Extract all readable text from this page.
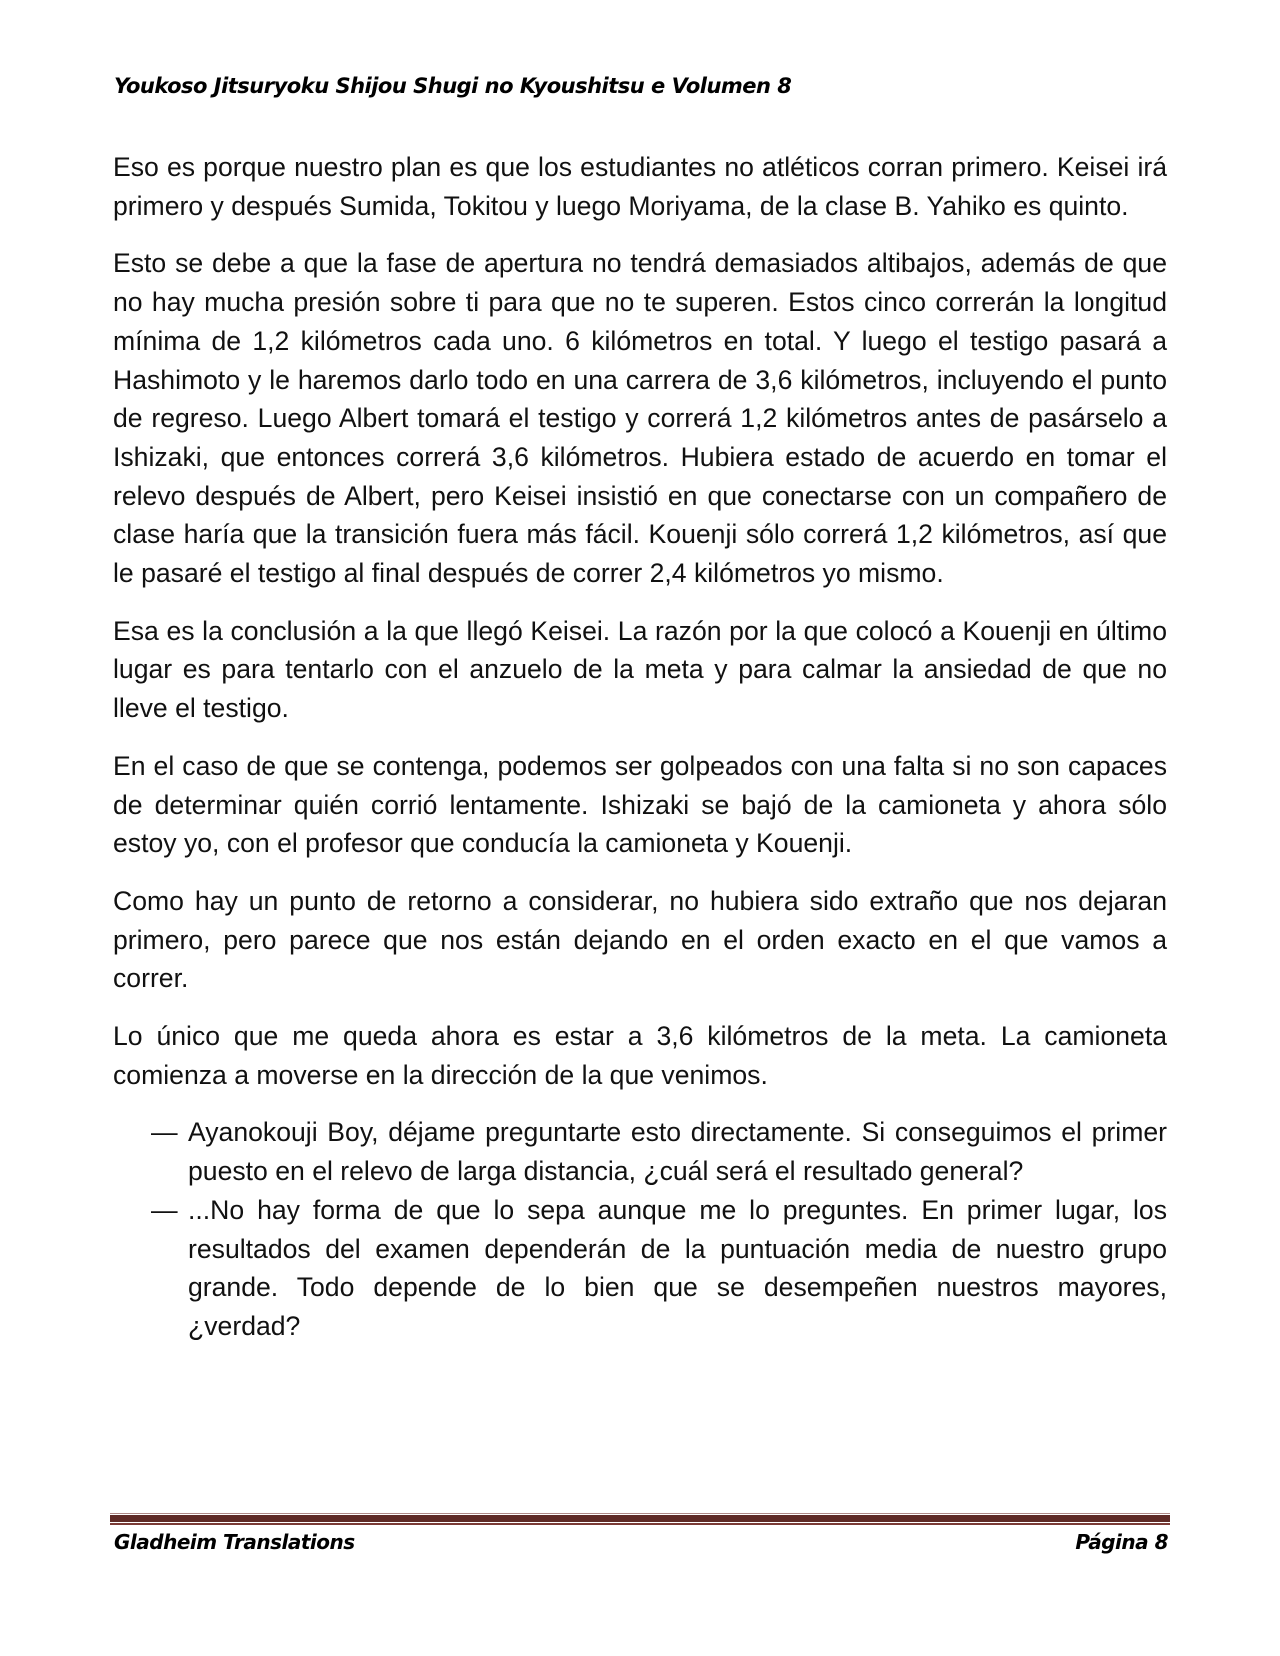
Youkoso Jitsuryoku Shijou Shugi no Kyoushitsu e Volumen 8

Eso es porque nuestro plan es que los estudiantes no atléticos corran primero. Keisei irá primero y después Sumida, Tokitou y luego Moriyama, de la clase B. Yahiko es quinto.

Esto se debe a que la fase de apertura no tendrá demasiados altibajos, además de que no hay mucha presión sobre ti para que no te superen. Estos cinco correrán la longitud mínima de 1,2 kilómetros cada uno. 6 kilómetros en total. Y luego el testigo pasará a Hashimoto y le haremos darlo todo en una carrera de 3,6 kilómetros, incluyendo el punto de regreso. Luego Albert tomará el testigo y correrá 1,2 kilómetros antes de pasárselo a Ishizaki, que entonces correrá 3,6 kilómetros. Hubiera estado de acuerdo en tomar el relevo después de Albert, pero Keisei insistió en que conectarse con un compañero de clase haría que la transición fuera más fácil. Kouenji sólo correrá 1,2 kilómetros, así que le pasaré el testigo al final después de correr 2,4 kilómetros yo mismo.

Esa es la conclusión a la que llegó Keisei. La razón por la que colocó a Kouenji en último lugar es para tentarlo con el anzuelo de la meta y para calmar la ansiedad de que no lleve el testigo.

En el caso de que se contenga, podemos ser golpeados con una falta si no son capaces de determinar quién corrió lentamente. Ishizaki se bajó de la camioneta y ahora sólo estoy yo, con el profesor que conducía la camioneta y Kouenji.

Como hay un punto de retorno a considerar, no hubiera sido extraño que nos dejaran primero, pero parece que nos están dejando en el orden exacto en el que vamos a correr.

Lo único que me queda ahora es estar a 3,6 kilómetros de la meta. La camioneta comienza a moverse en la dirección de la que venimos.

— Ayanokouji Boy, déjame preguntarte esto directamente. Si conseguimos el primer puesto en el relevo de larga distancia, ¿cuál será el resultado general?
— ...No hay forma de que lo sepa aunque me lo preguntes. En primer lugar, los resultados del examen dependerán de la puntuación media de nuestro grupo grande. Todo depende de lo bien que se desempeñen nuestros mayores, ¿verdad?
Gladheim Translations	Página 8
